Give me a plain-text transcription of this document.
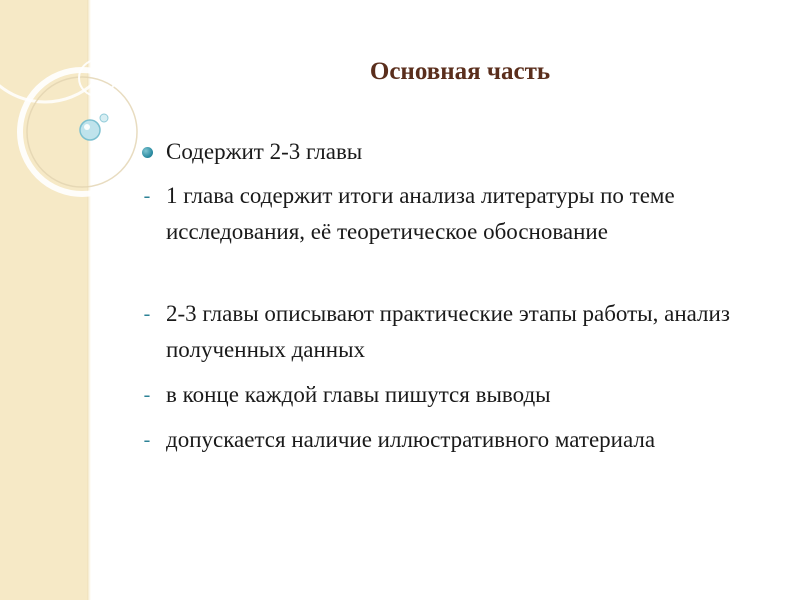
Основная часть
Содержит 2-3 главы
- 1 глава содержит итоги анализа литературы по теме исследования, её теоретическое обоснование
- 2-3 главы описывают практические этапы работы, анализ полученных данных
- в конце каждой главы пишутся выводы
- допускается наличие иллюстративного материала
